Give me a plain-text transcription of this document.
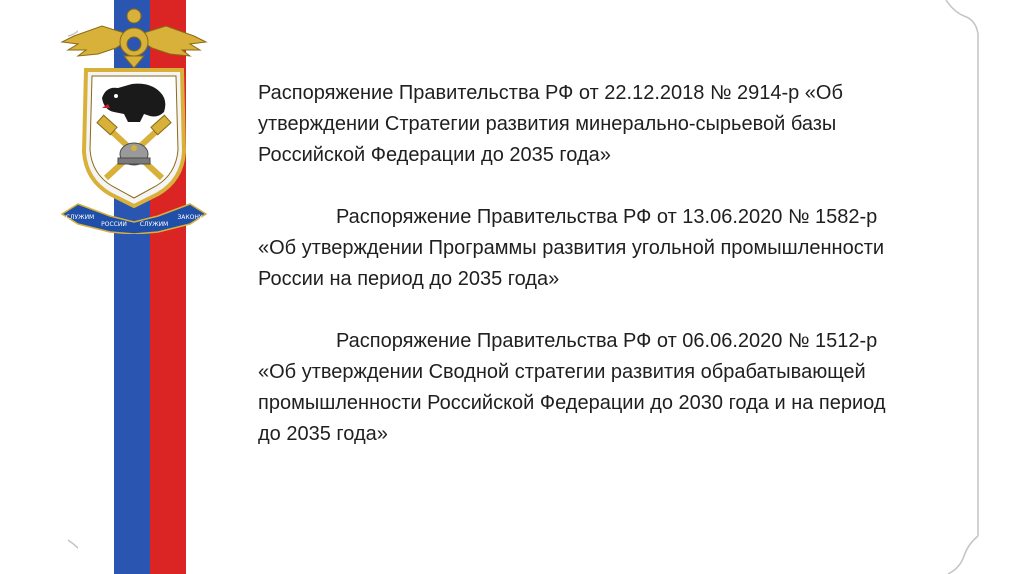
СЛУЖИМ
РОССИИ СЛУЖИМ
ЗАКОНУ

Распоряжение Правительства РФ от 22.12.2018 № 2914-р «Об утверждении Стратегии развития минерально-сырьевой базы Российской Федерации до 2035 года»

Распоряжение Правительства РФ от 13.06.2020 № 1582-р «Об утверждении Программы развития угольной промышленности России на период до 2035 года»

Распоряжение Правительства РФ от 06.06.2020 № 1512-р «Об утверждении Сводной стратегии развития обрабатывающей промышленности Российской Федерации до 2030 года и на период до 2035 года»
